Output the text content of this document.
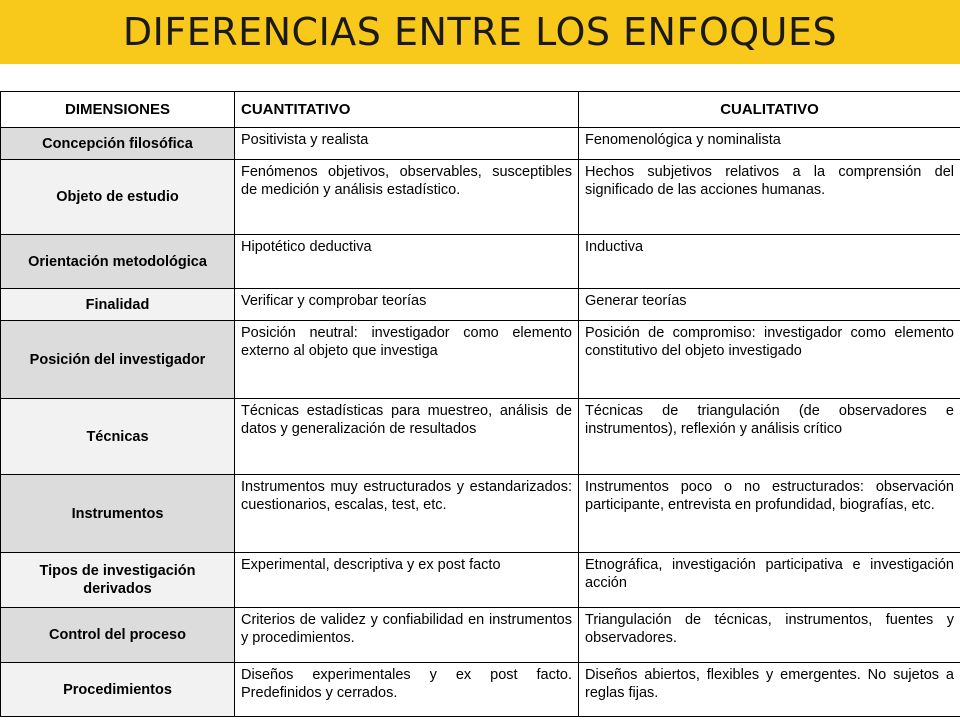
DIFERENCIAS ENTRE LOS ENFOQUES
DIMENSIONES	CUANTITATIVO	CUALITATIVO
Concepción filosófica	Positivista y realista	Fenomenológica y nominalista
Objeto de estudio	Fenómenos objetivos, observables, susceptibles de medición y análisis estadístico.	Hechos subjetivos relativos a la comprensión del significado de las acciones humanas.
Orientación metodológica	Hipotético deductiva	Inductiva
Finalidad	Verificar y comprobar teorías	Generar teorías
Posición del investigador	Posición neutral: investigador como elemento externo al objeto que investiga	Posición de compromiso: investigador como elemento constitutivo del objeto investigado
Técnicas	Técnicas estadísticas para muestreo, análisis de datos y generalización de resultados	Técnicas de triangulación (de observadores e instrumentos), reflexión y análisis crítico
Instrumentos	Instrumentos muy estructurados y estandarizados: cuestionarios, escalas, test, etc.	Instrumentos poco o no estructurados: observación participante, entrevista en profundidad, biografías, etc.
Tipos de investigación derivados	Experimental, descriptiva y ex post facto	Etnográfica, investigación participativa e investigación acción
Control del proceso	Criterios de validez y confiabilidad en instrumentos y procedimientos.	Triangulación de técnicas, instrumentos, fuentes y observadores.
Procedimientos	Diseños experimentales y ex post facto. Predefinidos y cerrados.	Diseños abiertos, flexibles y emergentes. No sujetos a reglas fijas.
